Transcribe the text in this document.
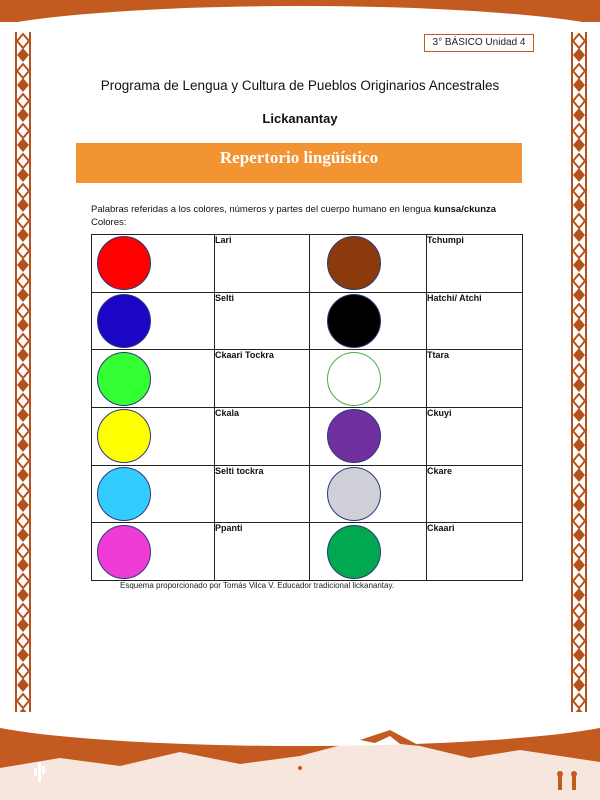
3° BÁSICO Unidad 4
Programa de Lengua y Cultura de Pueblos Originarios Ancestrales
Lickanantay
Repertorio lingüístico
Palabras referidas a los colores, números y partes del cuerpo humano en lengua kunsa/ckunza
Colores:
	Lari		Tchumpi

	Selti		Hatchi/ Atchi

	Ckaari Tockra		Ttara

	Ckala		Ckuyi

	Selti tockra		Ckare

	Ppanti		Ckaari
Esquema proporcionado por Tomás Vilca V. Educador tradicional lickanantay.
